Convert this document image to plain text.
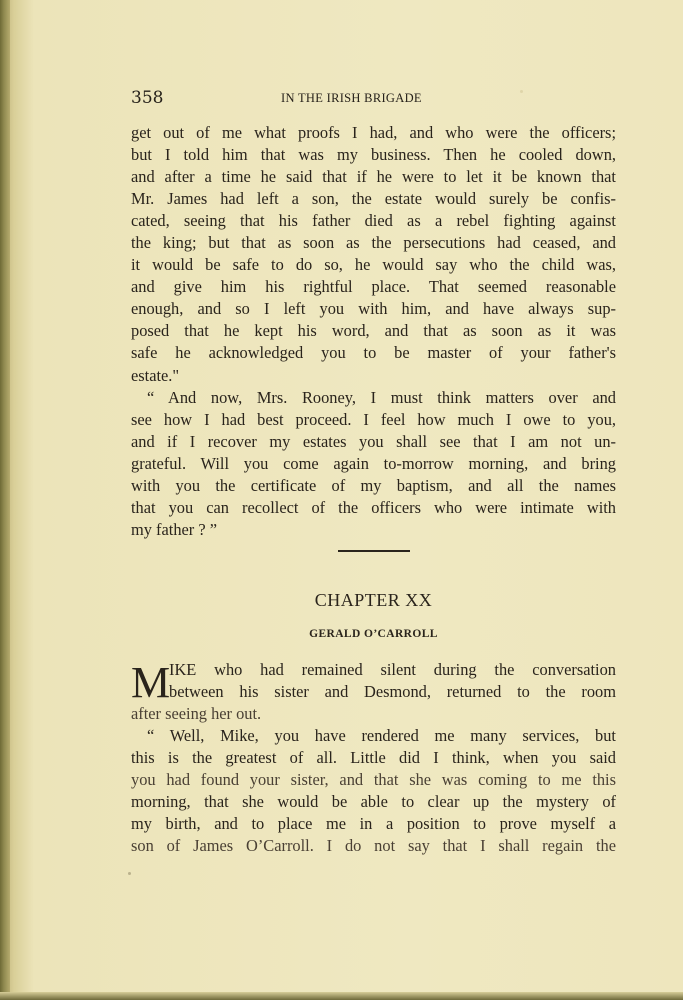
358	IN THE IRISH BRIGADE
get out of me what proofs I had, and who were the officers;
but I told him that was my business. Then he cooled down,
and after a time he said that if he were to let it be known that
Mr. James had left a son, the estate would surely be confis-
cated, seeing that his father died as a rebel fighting against
the king; but that as soon as the persecutions had ceased, and
it would be safe to do so, he would say who the child was,
and give him his rightful place. That seemed reasonable
enough, and so I left you with him, and have always sup-
posed that he kept his word, and that as soon as it was
safe he acknowledged you to be master of your father's
estate."
“ And now, Mrs. Rooney, I must think matters over and
see how I had best proceed. I feel how much I owe to you,
and if I recover my estates you shall see that I am not un-
grateful. Will you come again to-morrow morning, and bring
with you the certificate of my baptism, and all the names
that you can recollect of the officers who were intimate with
my father ? ”
CHAPTER XX
GERALD O’CARROLL
M
IKE who had remained silent during the conversation
between his sister and Desmond, returned to the room
after seeing her out.
“ Well, Mike, you have rendered me many services, but
this is the greatest of all. Little did I think, when you said
you had found your sister, and that she was coming to me this
morning, that she would be able to clear up the mystery of
my birth, and to place me in a position to prove myself a
son of James O’Carroll. I do not say that I shall regain the
